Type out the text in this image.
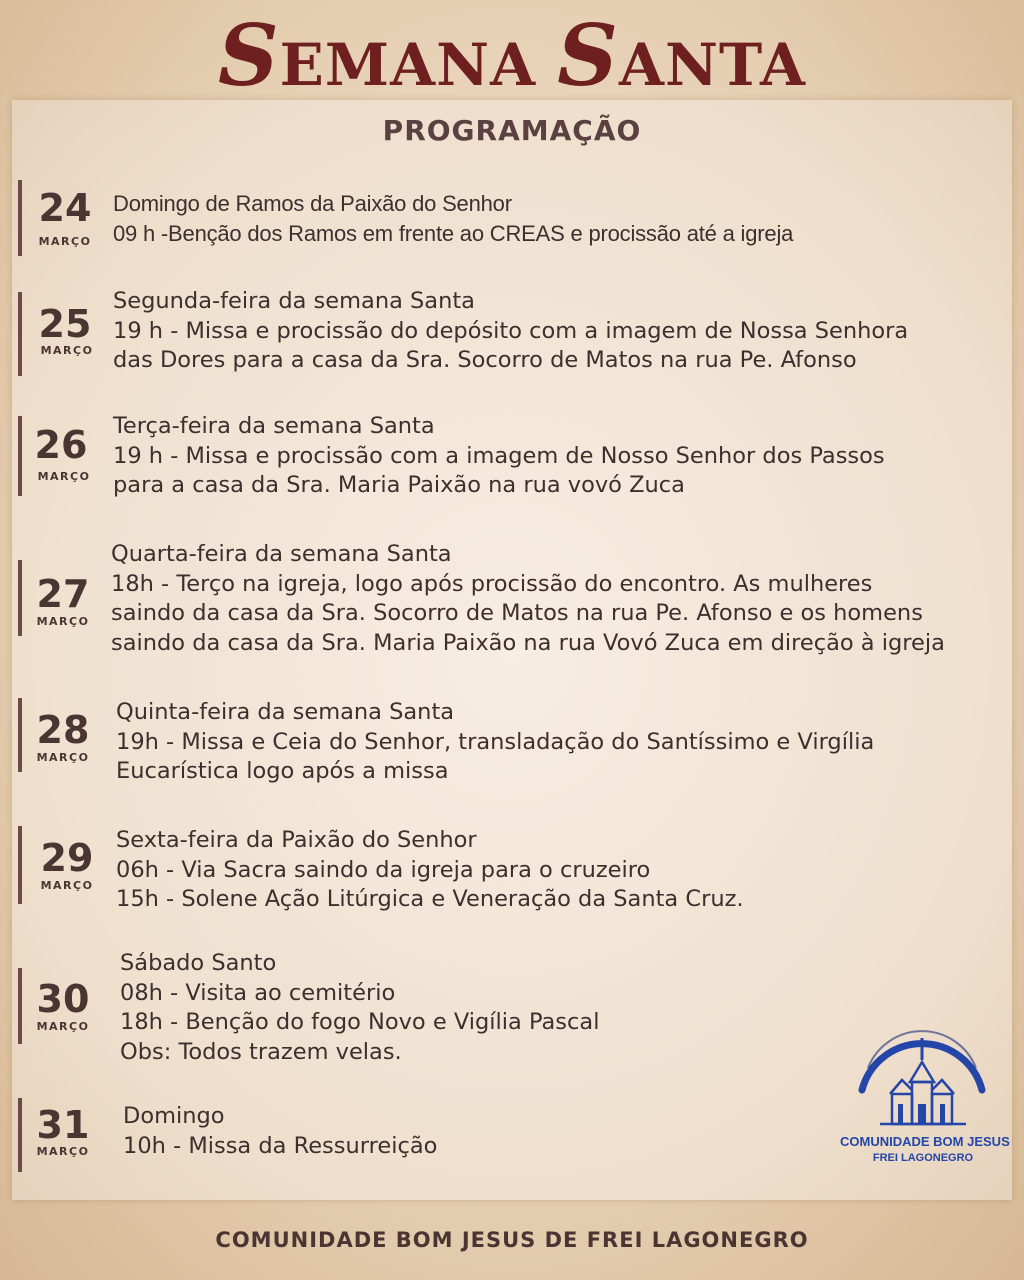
SEMANA SANTA
PROGRAMAÇÃO
24
MARÇO
Domingo de Ramos da Paixão do Senhor
09 h -Benção dos Ramos em frente ao CREAS e procissão até a igreja
25
MARÇO
Segunda-feira da semana Santa
19 h - Missa e procissão do depósito com a imagem de Nossa Senhora
das Dores para a casa da Sra. Socorro de Matos na rua Pe. Afonso
26
MARÇO
Terça-feira da semana Santa
19 h - Missa e procissão com a imagem de Nosso Senhor dos Passos
para a casa da Sra. Maria Paixão na rua vovó Zuca
27
MARÇO
Quarta-feira da semana Santa
18h - Terço na igreja, logo após procissão do encontro. As mulheres
saindo da casa da Sra. Socorro de Matos na rua Pe. Afonso e os homens
saindo da casa da Sra. Maria Paixão na rua Vovó Zuca em direção à igreja
28
MARÇO
Quinta-feira da semana Santa
19h - Missa e Ceia do Senhor, transladação do Santíssimo e Virgília
Eucarística logo após a missa
29
MARÇO
Sexta-feira da Paixão do Senhor
06h - Via Sacra saindo da igreja para o cruzeiro
15h - Solene Ação Litúrgica e Veneração da Santa Cruz.
30
MARÇO
Sábado Santo
08h - Visita ao cemitério
18h - Benção do fogo Novo e Vigília Pascal
Obs: Todos trazem velas.
31
MARÇO
Domingo
10h - Missa da Ressurreição	COMUNIDADE BOM JESUS
FREI LAGONEGRO
COMUNIDADE BOM JESUS DE FREI LAGONEGRO
